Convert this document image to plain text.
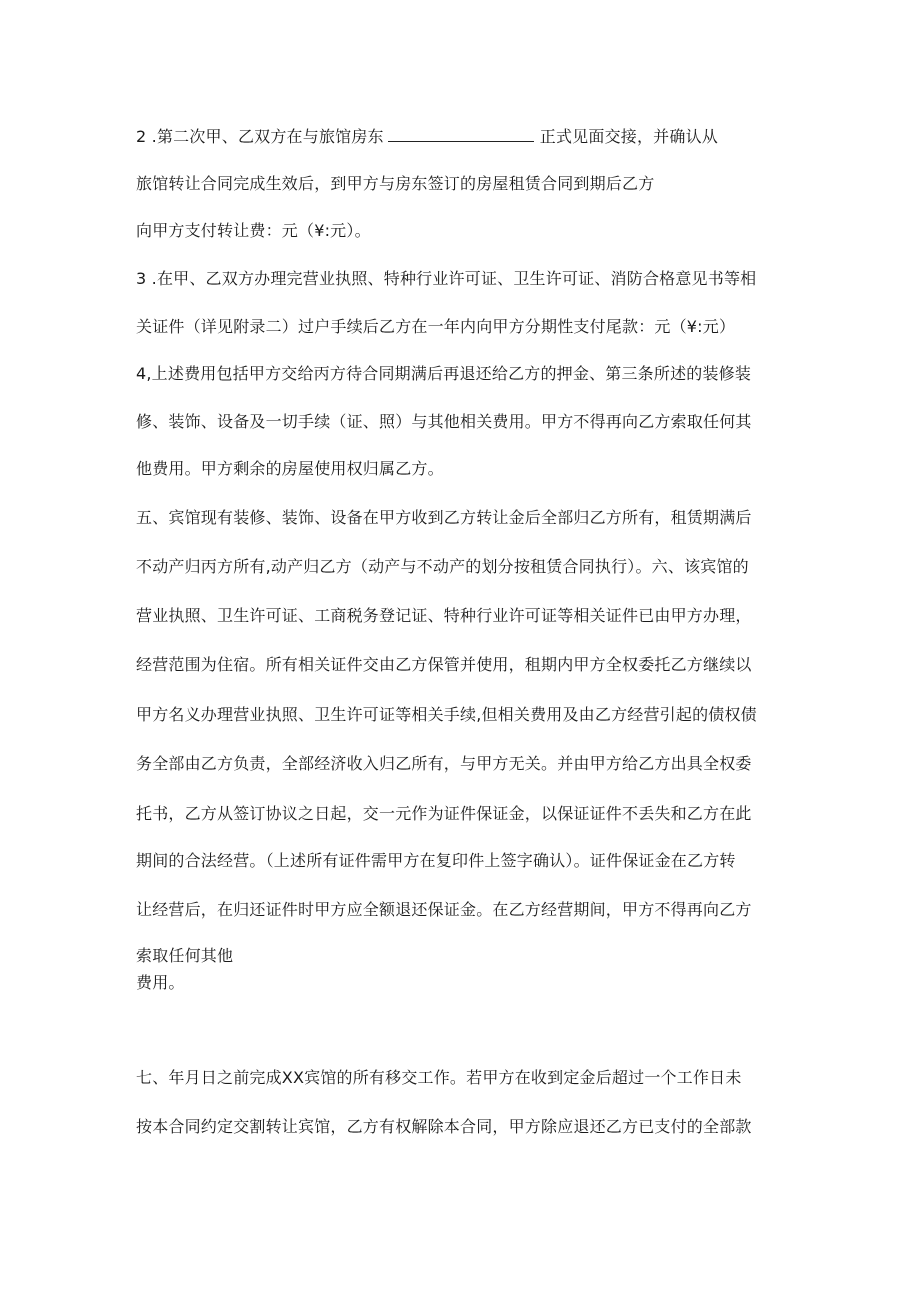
2 .第二次甲、乙双方在与旅馆房东	正式见面交接，并确认从
旅馆转让合同完成生效后，到甲方与房东签订的房屋租赁合同到期后乙方
向甲方支付转让费：元（¥:元）。
3 .在甲、乙双方办理完营业执照、特种行业许可证、卫生许可证、消防合格意见书等相
关证件（详见附录二）过户手续后乙方在一年内向甲方分期性支付尾款：元（¥:元）
4,上述费用包括甲方交给丙方待合同期满后再退还给乙方的押金、第三条所述的装修装
修、装饰、设备及一切手续（证、照）与其他相关费用。甲方不得再向乙方索取任何其
他费用。甲方剩余的房屋使用权归属乙方。
五、宾馆现有装修、装饰、设备在甲方收到乙方转让金后全部归乙方所有，租赁期满后
不动产归丙方所有,动产归乙方（动产与不动产的划分按租赁合同执行）。六、该宾馆的
营业执照、卫生许可证、工商税务登记证、特种行业许可证等相关证件已由甲方办理，
经营范围为住宿。所有相关证件交由乙方保管并使用，租期内甲方全权委托乙方继续以
甲方名义办理营业执照、卫生许可证等相关手续,但相关费用及由乙方经营引起的债权债
务全部由乙方负责，全部经济收入归乙所有，与甲方无关。并由甲方给乙方出具全权委
托书，乙方从签订协议之日起，交一元作为证件保证金，以保证证件不丢失和乙方在此
期间的合法经营。（上述所有证件需甲方在复印件上签字确认）。证件保证金在乙方转
让经营后，在归还证件时甲方应全额退还保证金。在乙方经营期间，甲方不得再向乙方
索取任何其他
费用。
七、年月日之前完成XX宾馆的所有移交工作。若甲方在收到定金后超过一个工作日未
按本合同约定交割转让宾馆，乙方有权解除本合同，甲方除应退还乙方已支付的全部款
